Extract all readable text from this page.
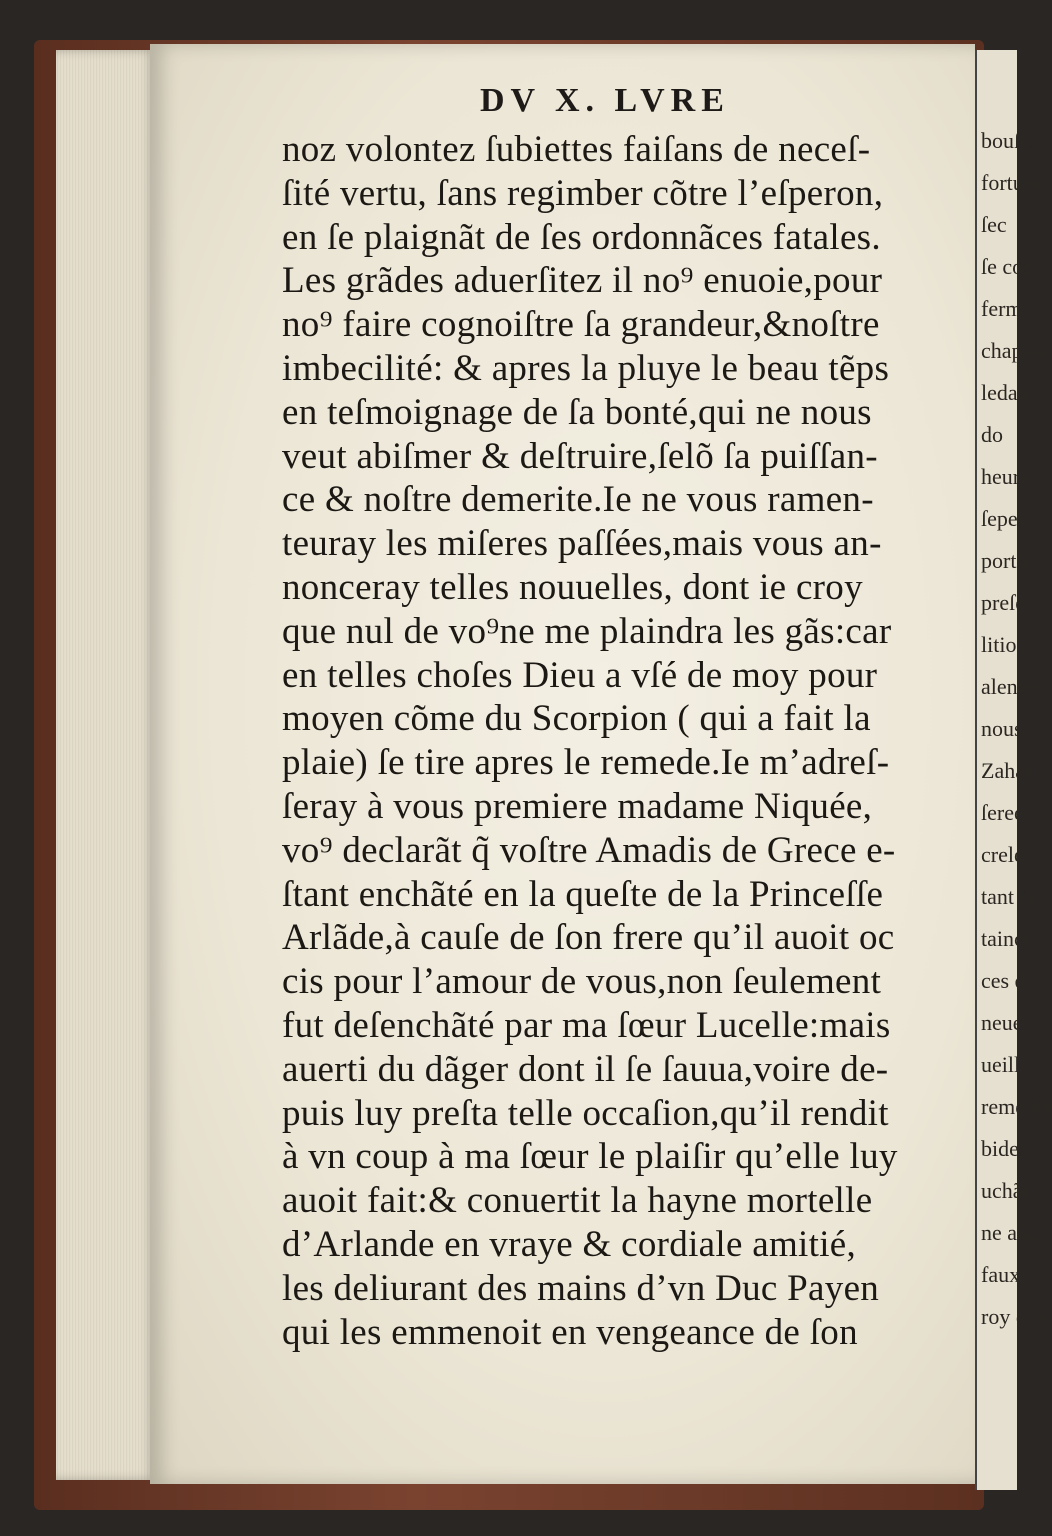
DV X. LVRE
noz volontez ſubiettes faiſans de neceſ-
ſité vertu, ſans regimber cõtre l’eſperon,
en ſe plaignãt de ſes ordonnãces fatales.
Les grãdes aduerſitez il no⁹ enuoie,pour
no⁹ faire cognoiſtre ſa grandeur,&noſtre
imbecilité: & apres la pluye le beau tẽps
en teſmoignage de ſa bonté,qui ne nous
veut abiſmer & deſtruire,ſelõ ſa puiſſan-
ce & noſtre demerite.Ie ne vous ramen-
teuray les miſeres paſſées,mais vous an-
nonceray telles nouuelles, dont ie croy
que nul de vo⁹ne me plaindra les gãs:car
en telles choſes Dieu a vſé de moy pour
moyen cõme du Scorpion ( qui a fait la
plaie) ſe tire apres le remede.Ie m’adreſ-
ſeray à vous premiere madame Niquée,
vo⁹ declarãt q̃ voſtre Amadis de Grece e-
ſtant enchãté en la queſte de la Princeſſe
Arlãde,à cauſe de ſon frere qu’il auoit oc
cis pour l’amour de vous,non ſeulement
fut deſenchãté par ma ſœur Lucelle:mais
auerti du dãger dont il ſe ſauua,voire de-
puis luy preſta telle occaſion,qu’il rendit
à vn coup à ma ſœur le plaiſir qu’elle luy
auoit fait:& conuertit la hayne mortelle
d’Arlande en vraye & cordiale amitié,
les deliurant des mains d’vn Duc Payen
qui les emmenoit en vengeance de ſon
bouſſo
fortune
ſec
ſe cog
ferm
chapon
ledans
do
heure
ſepen
portat
preſe
litio
alenerv
nous
Zahar
ſeree
crele
tant A
taince
ces du
neue
ueille
remedie
bides
uchãt
ne ann
faux
roy elle
